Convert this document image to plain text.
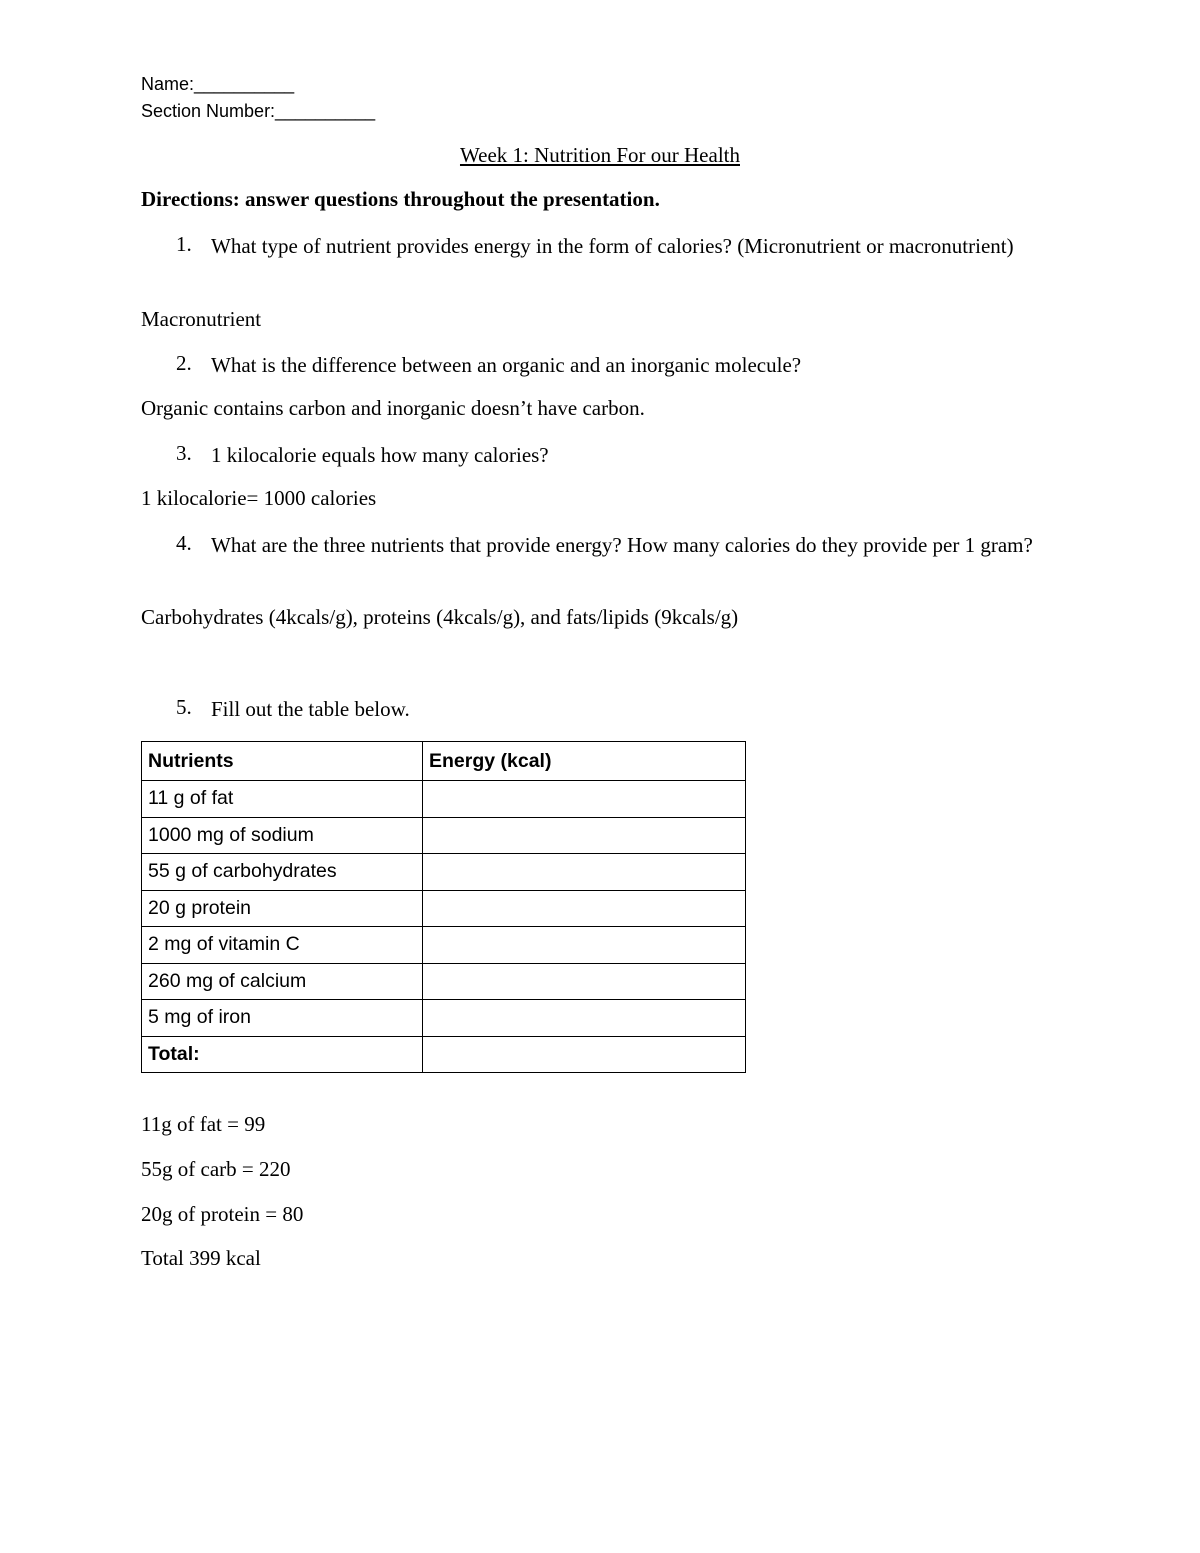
Name:__________
Section Number:__________
Week 1: Nutrition For our Health
Directions: answer questions throughout the presentation.
1. What type of nutrient provides energy in the form of calories? (Micronutrient or macronutrient)
Macronutrient
2. What is the difference between an organic and an inorganic molecule?
Organic contains carbon and inorganic doesn’t have carbon.
3. 1 kilocalorie equals how many calories?
1 kilocalorie= 1000 calories
4. What are the three nutrients that provide energy? How many calories do they provide per 1 gram?
Carbohydrates (4kcals/g), proteins (4kcals/g), and fats/lipids (9kcals/g)
5. Fill out the table below.
Nutrients	Energy (kcal)
11 g of fat	
1000 mg of sodium	
55 g of carbohydrates	
20 g protein	
2 mg of vitamin C	
260 mg of calcium	
5 mg of iron	
Total:	
11g of fat = 99
55g of carb = 220
20g of protein = 80
Total 399 kcal
